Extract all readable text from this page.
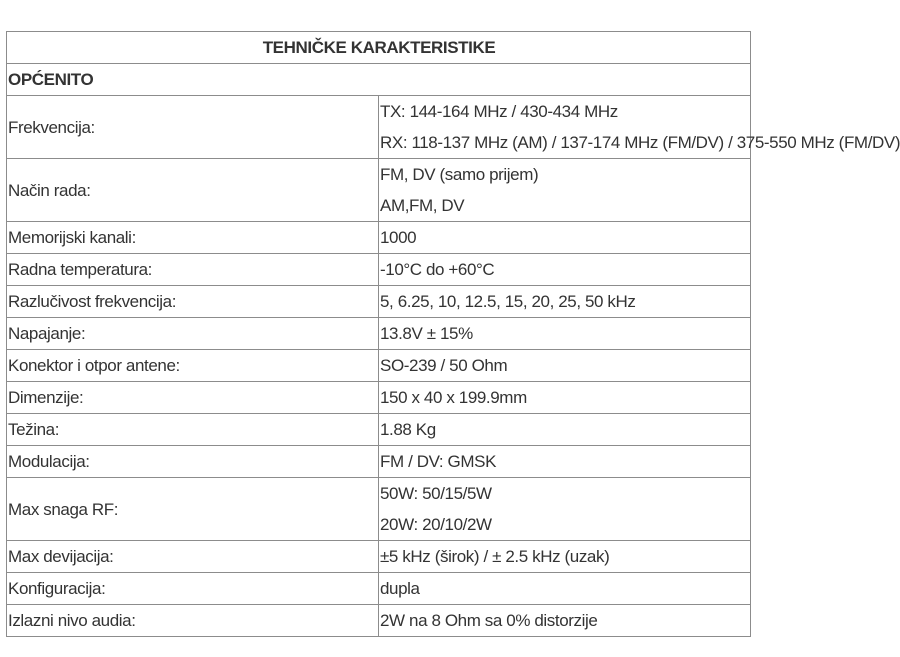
TEHNIČKE KARAKTERISTIKE	
OPĆENITO	
Frekvencija:	TX: 144-164 MHz / 430-434 MHz
RX: 118-137 MHz (AM) / 137-174 MHz (FM/DV) / 375-550 MHz (FM/DV)

Način rada:	FM, DV (samo prijem)
AM,FM, DV

Memorijski kanali:	1000
Radna temperatura:	-10°C do +60°C
Razlučivost frekvencija:	5, 6.25, 10, 12.5, 15, 20, 25, 50 kHz
Napajanje:	13.8V ± 15%
Konektor i otpor antene:	SO-239 / 50 Ohm
Dimenzije:	150 x 40 x 199.9mm
Težina:	1.88 Kg
Modulacija:	FM / DV: GMSK
Max snaga RF:	50W: 50/15/5W
20W: 20/10/2W

Max devijacija:	±5 kHz (širok) / ± 2.5 kHz (uzak)
Konfiguracija:	dupla
Izlazni nivo audia:	2W na 8 Ohm sa 0% distorzije
